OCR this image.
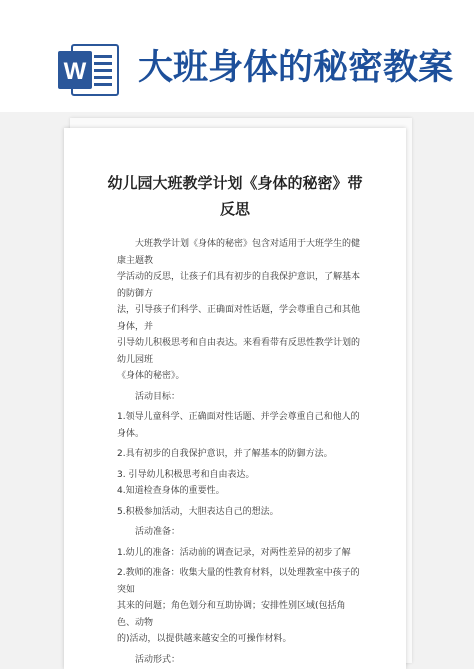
W 大班身体的秘密教案
幼儿园大班教学计划《身体的秘密》带
反思

大班教学计划《身体的秘密》包含对适用于大班学生的健康主题教

学活动的反思，让孩子们具有初步的自我保护意识，了解基本的防御方

法，引导孩子们科学、正确面对性话题，学会尊重自己和其他身体，并

引导幼儿积极思考和自由表达。来看看带有反思性教学计划的幼儿园班

《身体的秘密》。

活动目标：

1.领导儿童科学、正确面对性话题、并学会尊重自己和他人的身体。

2.具有初步的自我保护意识，并了解基本的防御方法。

3. 引导幼儿积极思考和自由表达。

4.知道检查身体的重要性。

5.积极参加活动，大胆表达自己的想法。

活动准备：

1.幼儿的准备：活动前的调查记录，对两性差异的初步了解

2.教师的准备：收集大量的性教育材料，以处理教室中孩子的突如

其来的问题；角色划分和互助协调；安排性别区域(包括角色、动物

的)活动，以提供越来越安全的可操作材料。

活动形式：
